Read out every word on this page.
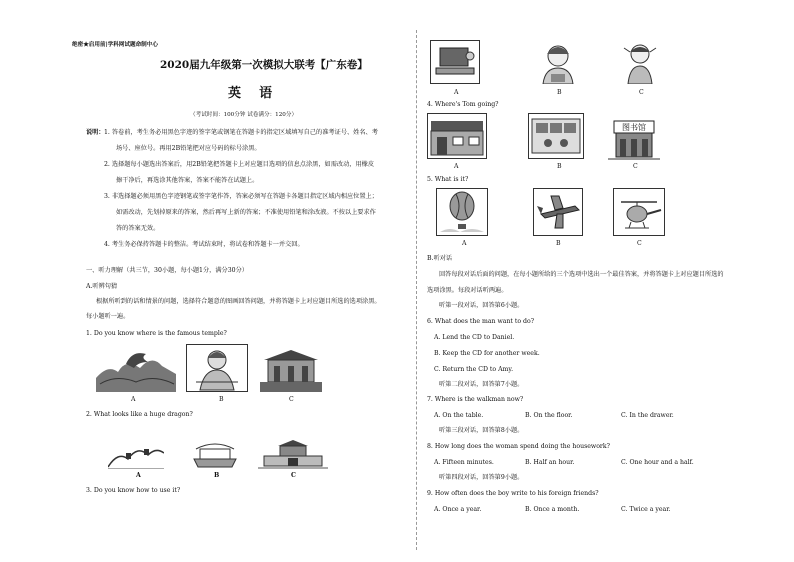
绝密★启用前|学科网试题命制中心
2020届九年级第一次模拟大联考【广东卷】
英    语
（考试时间：100分钟 试卷满分：120分）
说明： 1. 答卷前，考生务必用黑色字迹的签字笔或钢笔在答题卡的指定区域填写自己的准考证号、姓名、考
场号、座位号。再用2B铅笔把对应号码的标号涂黑。
2. 选择题每小题选出答案后，用2B铅笔把答题卡上对应题目选项的信息点涂黑，如需改动，用橡皮
擦干净后，再选涂其他答案，答案不能答在试题上。
3. 非选择题必须用黑色字迹钢笔或签字笔作答，答案必须写在答题卡各题目指定区域内相应位置上；
如需改动，先划掉原来的答案，然后再写上新的答案；不准使用铅笔和涂改液。不按以上要求作
答的答案无效。
4. 考生务必保持答题卡的整洁。考试结束时，将试卷和答题卡一并交回。
一、听力理解（共三节，30小题，每小题1分，满分30分）
A.听辨句猜
根据所听到的话和情景的问题，选择符合题意的图画回答问题，并将答题卡上对应题目所选的选项涂黑。
每小题听一遍。
1. Do you know where is the famous temple?
A	B	C
2. What looks like a huge dragon?
A	B	C
3. Do you know how to use it?
A	B	C
4. Where's Tom going?
图书馆
A	B	C
5. What is it?
A	B	C
B.听对话
回答每段对话后面的问题，在每小题所给的三个选项中选出一个最佳答案，并将答题卡上对应题目所选的
选项涂黑。每段对话听两遍。
听第一段对话，回答第6小题。
6. What does the man want to do?
A. Lend the CD to Daniel.
B. Keep the CD for another week.
C. Return the CD to Amy.
听第二段对话，回答第7小题。
7. Where is the walkman now?
A. On the table.	B. On the floor.	C. In the drawer.
听第三段对话，回答第8小题。
8. How long does the woman spend doing the housework?
A. Fifteen minutes.	B. Half an hour.	C. One hour and a half.
听第四段对话，回答第9小题。
9. How often does the boy write to his foreign friends?
A. Once a year.	B. Once a month.	C. Twice a year.
